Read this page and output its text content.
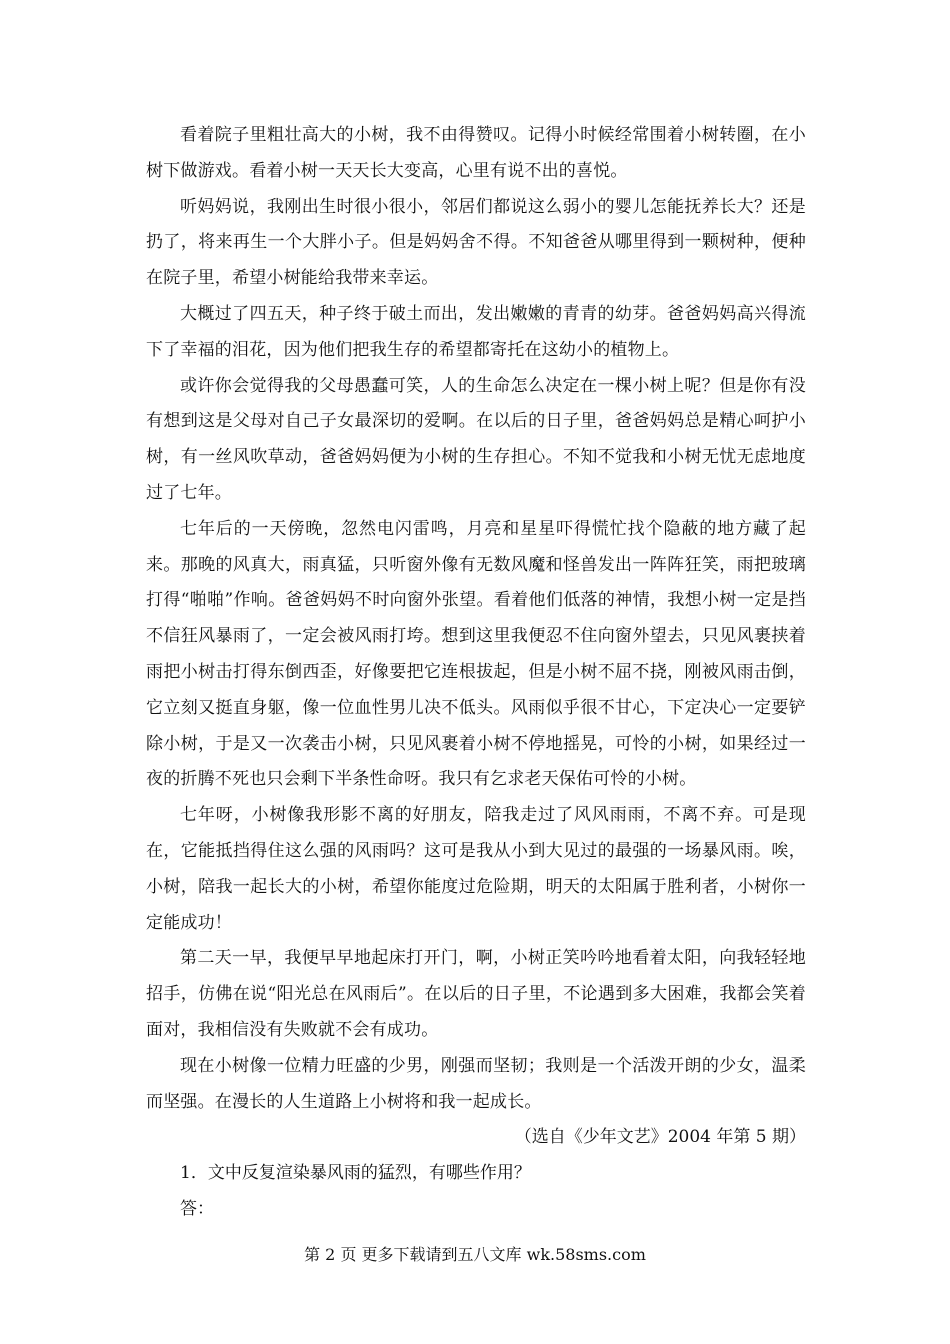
看着院子里粗壮高大的小树，我不由得赞叹。记得小时候经常围着小树转圈，在小树下做游戏。看着小树一天天长大变高，心里有说不出的喜悦。

听妈妈说，我刚出生时很小很小，邻居们都说这么弱小的婴儿怎能抚养长大？还是扔了，将来再生一个大胖小子。但是妈妈舍不得。不知爸爸从哪里得到一颗树种，便种在院子里，希望小树能给我带来幸运。

大概过了四五天，种子终于破土而出，发出嫩嫩的青青的幼芽。爸爸妈妈高兴得流下了幸福的泪花，因为他们把我生存的希望都寄托在这幼小的植物上。

或许你会觉得我的父母愚蠢可笑，人的生命怎么决定在一棵小树上呢？但是你有没有想到这是父母对自己子女最深切的爱啊。在以后的日子里，爸爸妈妈总是精心呵护小树，有一丝风吹草动，爸爸妈妈便为小树的生存担心。不知不觉我和小树无忧无虑地度过了七年。

七年后的一天傍晚，忽然电闪雷鸣，月亮和星星吓得慌忙找个隐蔽的地方藏了起来。那晚的风真大，雨真猛，只听窗外像有无数风魔和怪兽发出一阵阵狂笑，雨把玻璃打得“啪啪”作响。爸爸妈妈不时向窗外张望。看着他们低落的神情，我想小树一定是挡不信狂风暴雨了，一定会被风雨打垮。想到这里我便忍不住向窗外望去，只见风裹挟着雨把小树击打得东倒西歪，好像要把它连根拔起，但是小树不屈不挠，刚被风雨击倒，它立刻又挺直身躯，像一位血性男儿决不低头。风雨似乎很不甘心，下定决心一定要铲除小树，于是又一次袭击小树，只见风裹着小树不停地摇晃，可怜的小树，如果经过一夜的折腾不死也只会剩下半条性命呀。我只有乞求老天保佑可怜的小树。

七年呀，小树像我形影不离的好朋友，陪我走过了风风雨雨，不离不弃。可是现在，它能抵挡得住这么强的风雨吗？这可是我从小到大见过的最强的一场暴风雨。唉，小树，陪我一起长大的小树，希望你能度过危险期，明天的太阳属于胜利者，小树你一定能成功！

第二天一早，我便早早地起床打开门，啊，小树正笑吟吟地看着太阳，向我轻轻地招手，仿佛在说“阳光总在风雨后”。在以后的日子里，不论遇到多大困难，我都会笑着面对，我相信没有失败就不会有成功。

现在小树像一位精力旺盛的少男，刚强而坚韧；我则是一个活泼开朗的少女，温柔而坚强。在漫长的人生道路上小树将和我一起成长。

（选自《少年文艺》2004 年第 5 期）

1．文中反复渲染暴风雨的猛烈，有哪些作用？

答：

第 2 页 更多下载请到五八文库 wk.58sms.com
